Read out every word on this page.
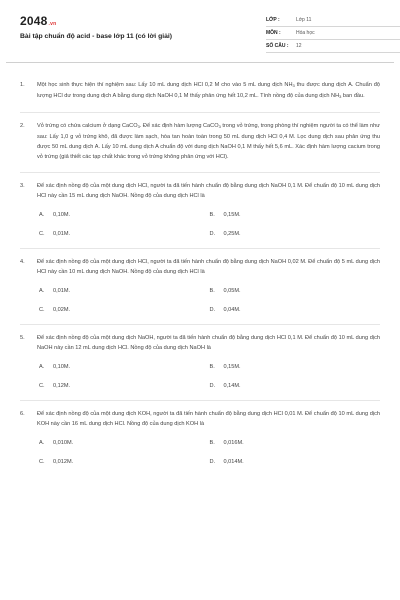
2048.vn
Bài tập chuẩn độ acid - base lớp 11 (có lời giải)
LỚP :	Lớp 11
MÔN :	Hóa học
SỐ CÂU :	12
1.	Một học sinh thực hiện thí nghiệm sau: Lấy 10 mL dung dịch HCl 0,2 M cho vào 5 mL dung dịch $NH_3$ thu được dung dịch A. Chuẩn độ lượng HCl dư trong dung dịch A bằng dung dịch NaOH 0,1 M thấy phản ứng hết 10,2 mL. Tính nồng độ của dung dịch $NH_3$ ban đầu.
2.	Vỏ trứng có chứa calcium ở dạng CaCO$_3$. Để xác định hàm lượng CaCO$_3$ trong vỏ trứng, trong phòng thí nghiệm người ta có thể làm như sau: Lấy 1,0 g vỏ trứng khô, đã được làm sạch, hòa tan hoàn toàn trong 50 mL dung dịch HCl 0,4 M. Lọc dung dịch sau phản ứng thu được 50 mL dung dịch A. Lấy 10 mL dung dịch A chuẩn độ với dung dịch NaOH 0,1 M thấy hết 5,6 mL. Xác định hàm lượng cacium trong vỏ trứng (giả thiết các tạp chất khác trong vỏ trứng không phản ứng với HCl).
3.	Để xác định nồng độ của một dung dịch HCl, người ta đã tiến hành chuẩn độ bằng dung dịch NaOH 0,1 M. Để chuẩn độ 10 mL dung dịch HCl này cần 15 mL dung dịch NaOH. Nồng độ của dung dịch HCl là
A.	0,10M.	B.	0,15M.
C.	0,01M.	D.	0,25M.
4.	Để xác định nồng độ của một dung dịch HCl, người ta đã tiến hành chuẩn độ bằng dung dịch NaOH 0,02 M. Để chuẩn độ 5 mL dung dịch HCl này cần 10 mL dung dịch NaOH. Nồng độ của dung dịch HCl là
A.	0,01M.	B.	0,05M.
C.	0,02M.	D.	0,04M.
5.	Để xác định nồng độ của một dung dịch NaOH, người ta đã tiến hành chuẩn độ bằng dung dịch HCl 0,1 M. Để chuẩn độ 10 mL dung dịch NaOH này cần 12 mL dung dịch HCl. Nồng độ của dung dịch NaOH là
A.	0,10M.	B.	0,15M.
C.	0,12M.	D.	0,14M.
6.	Để xác định nồng độ của một dung dịch KOH, người ta đã tiến hành chuẩn độ bằng dung dịch HCl 0,01 M. Để chuẩn độ 10 mL dung dịch KOH này cần 16 mL dung dịch HCl. Nồng độ của dung dịch KOH là
A.	0,010M.	B.	0,016M.
C.	0,012M.	D.	0,014M.
